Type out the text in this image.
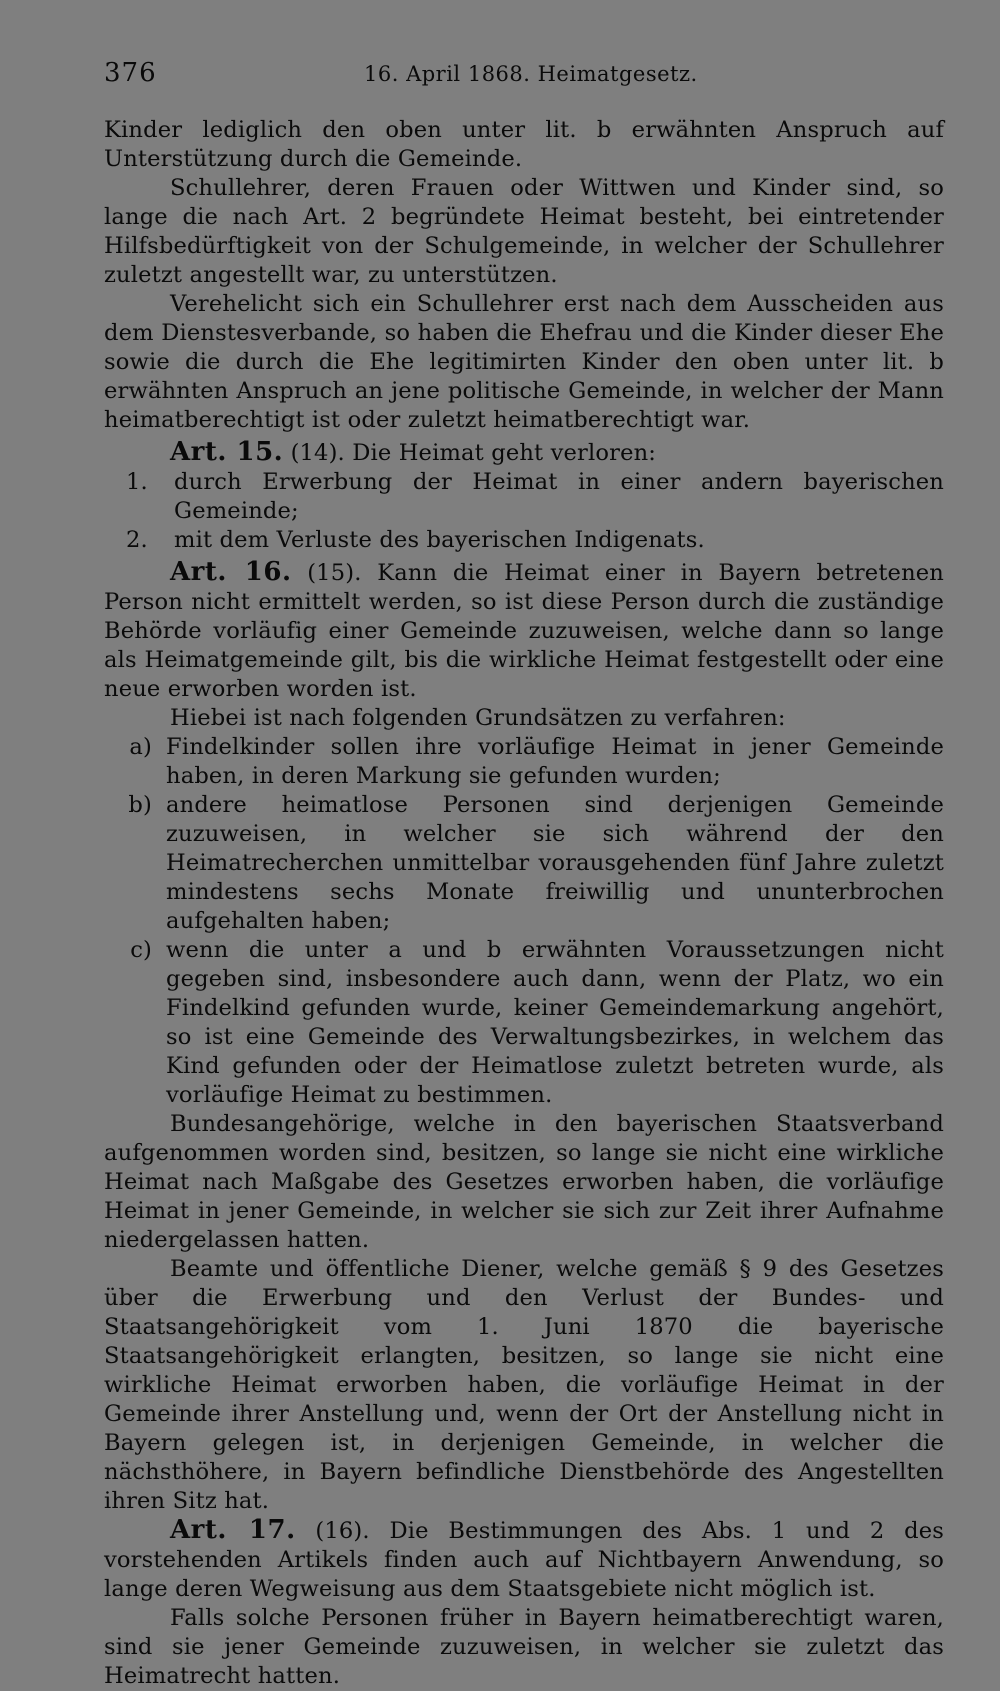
376	16. April 1868. Heimatgesetz.

Kinder lediglich den oben unter lit. b erwähnten Anspruch auf Unterstützung durch die Gemeinde.

Schullehrer, deren Frauen oder Wittwen und Kinder sind, so lange die nach Art. 2 begründete Heimat besteht, bei eintretender Hilfsbedürftigkeit von der Schulgemeinde, in welcher der Schullehrer zuletzt angestellt war, zu unterstützen.

Verehelicht sich ein Schullehrer erst nach dem Ausscheiden aus dem Dienstesverbande, so haben die Ehefrau und die Kinder dieser Ehe sowie die durch die Ehe legitimirten Kinder den oben unter lit. b erwähnten Anspruch an jene politische Gemeinde, in welcher der Mann heimatberechtigt ist oder zuletzt heimatberechtigt war.

Art. 15. (14). Die Heimat geht verloren:

1.	durch Erwerbung der Heimat in einer andern bayerischen Gemeinde;
2.	mit dem Verluste des bayerischen Indigenats.

Art. 16. (15). Kann die Heimat einer in Bayern betretenen Person nicht ermittelt werden, so ist diese Person durch die zuständige Behörde vorläufig einer Gemeinde zuzuweisen, welche dann so lange als Heimatgemeinde gilt, bis die wirkliche Heimat festgestellt oder eine neue erworben worden ist.

Hiebei ist nach folgenden Grundsätzen zu verfahren:

a) Findelkinder sollen ihre vorläufige Heimat in jener Gemeinde haben, in deren Markung sie gefunden wurden;
b) andere heimatlose Personen sind derjenigen Gemeinde zuzuweisen, in welcher sie sich während der den Heimatrecherchen unmittelbar vorausgehenden fünf Jahre zuletzt mindestens sechs Monate freiwillig und ununterbrochen aufgehalten haben;
c) wenn die unter a und b erwähnten Voraussetzungen nicht gegeben sind, insbesondere auch dann, wenn der Platz, wo ein Findelkind gefunden wurde, keiner Gemeindemarkung angehört, so ist eine Gemeinde des Verwaltungsbezirkes, in welchem das Kind gefunden oder der Heimatlose zuletzt betreten wurde, als vorläufige Heimat zu bestimmen.

Bundesangehörige, welche in den bayerischen Staatsverband aufgenommen worden sind, besitzen, so lange sie nicht eine wirkliche Heimat nach Maßgabe des Gesetzes erworben haben, die vorläufige Heimat in jener Gemeinde, in welcher sie sich zur Zeit ihrer Aufnahme niedergelassen hatten.

Beamte und öffentliche Diener, welche gemäß § 9 des Gesetzes über die Erwerbung und den Verlust der Bundes- und Staatsangehörigkeit vom 1. Juni 1870 die bayerische Staatsangehörigkeit erlangten, besitzen, so lange sie nicht eine wirkliche Heimat erworben haben, die vorläufige Heimat in der Gemeinde ihrer Anstellung und, wenn der Ort der Anstellung nicht in Bayern gelegen ist, in derjenigen Gemeinde, in welcher die nächsthöhere, in Bayern befindliche Dienstbehörde des Angestellten ihren Sitz hat.

Art. 17. (16). Die Bestimmungen des Abs. 1 und 2 des vorstehenden Artikels finden auch auf Nichtbayern Anwendung, so lange deren Wegweisung aus dem Staatsgebiete nicht möglich ist.

Falls solche Personen früher in Bayern heimatberechtigt waren, sind sie jener Gemeinde zuzuweisen, in welcher sie zuletzt das Heimatrecht hatten.
